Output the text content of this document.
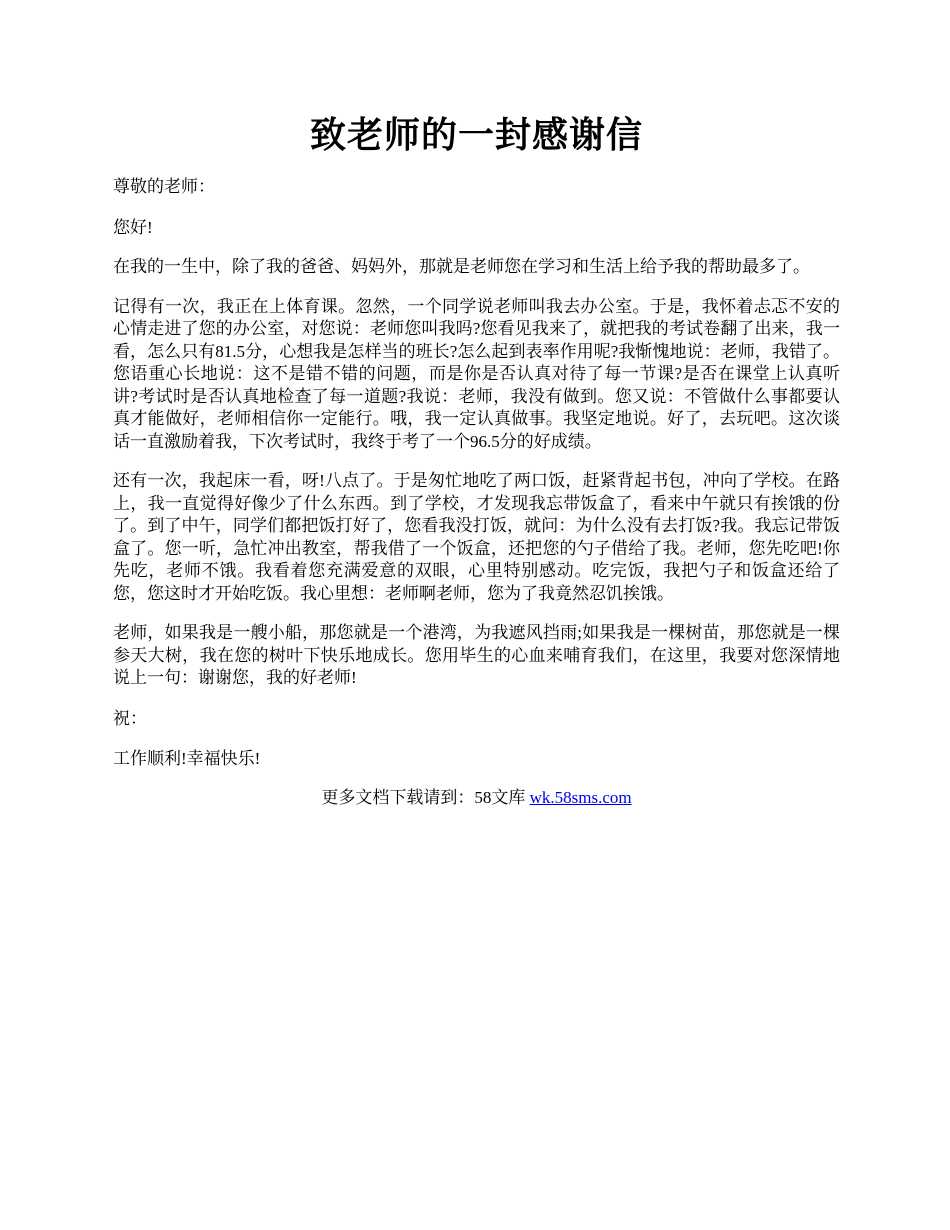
致老师的一封感谢信

尊敬的老师：

您好!

在我的一生中，除了我的爸爸、妈妈外，那就是老师您在学习和生活上给予我的帮助最多了。

记得有一次，我正在上体育课。忽然，一个同学说老师叫我去办公室。于是，我怀着忐忑不安的心情走进了您的办公室，对您说：老师您叫我吗?您看见我来了，就把我的考试卷翻了出来，我一看，怎么只有81.5分，心想我是怎样当的班长?怎么起到表率作用呢?我惭愧地说：老师，我错了。您语重心长地说：这不是错不错的问题，而是你是否认真对待了每一节课?是否在课堂上认真听讲?考试时是否认真地检查了每一道题?我说：老师，我没有做到。您又说：不管做什么事都要认真才能做好，老师相信你一定能行。哦，我一定认真做事。我坚定地说。好了，去玩吧。这次谈话一直激励着我，下次考试时，我终于考了一个96.5分的好成绩。

还有一次，我起床一看，呀!八点了。于是匆忙地吃了两口饭，赶紧背起书包，冲向了学校。在路上，我一直觉得好像少了什么东西。到了学校，才发现我忘带饭盒了，看来中午就只有挨饿的份了。到了中午，同学们都把饭打好了，您看我没打饭，就问：为什么没有去打饭?我。我忘记带饭盒了。您一听，急忙冲出教室，帮我借了一个饭盒，还把您的勺子借给了我。老师，您先吃吧!你先吃，老师不饿。我看着您充满爱意的双眼，心里特别感动。吃完饭，我把勺子和饭盒还给了您，您这时才开始吃饭。我心里想：老师啊老师，您为了我竟然忍饥挨饿。

老师，如果我是一艘小船，那您就是一个港湾，为我遮风挡雨;如果我是一棵树苗，那您就是一棵参天大树，我在您的树叶下快乐地成长。您用毕生的心血来哺育我们，在这里，我要对您深情地说上一句：谢谢您，我的好老师!

祝：

工作顺利!幸福快乐!

更多文档下载请到：58文库 wk.58sms.com
